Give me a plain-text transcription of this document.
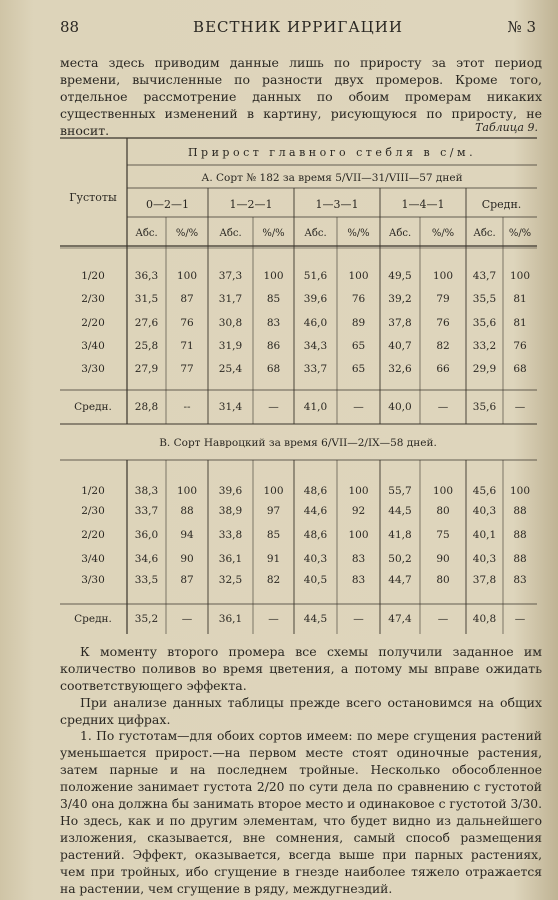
88	ВЕСТНИК ИРРИГАЦИИ	№ 3
места здесь приводим данные лишь по приросту за этот период времени, вычисленные по разности двух промеров. Кроме того, отдельное рассмотрение данных по обоим промерам никаких существенных изменений в картину, рисующуюся по приросту, не вносит.	Таблица 9.
Прирост главного стебля в с/м.
А. Сорт № 182 за время 5/VII—31/VIII—57 дней
Густоты
0—2—1	1—2—1	1—3—1	1—4—1	Средн.
Абс. %/% Абс. %/% Абс. %/% Абс. %/% Абс. %/%
1/20	36,3 100 37,3 100 51,6 100 49,5 100 43,7 100
2/30	31,5 87 31,7 85 39,6 76 39,2 79 35,5 81
2/20	27,6 76 30,8 83 46,0 89 37,8 76 35,6 81
3/40	25,8 71 31,9 86 34,3 65 40,7 82 33,2 76
3/30	27,9 77 25,4 68 33,7 65 32,6 66 29,9 68
Средн. 28,8 --	31,4 — 41,0 — 40,0 — 35,6 —
B. Сорт Навроцкий за время 6/VII—2/IX—58 дней.
1/20	38,3 100 39,6 100 48,6 100 55,7 100 45,6 100
2/30	33,7 88 38,9 97 44,6 92 44,5 80 40,3 88
2/20	36,0 94 33,8 85 48,6 100 41,8 75 40,1 88
3/40	34,6 90 36,1 91 40,3 83 50,2 90 40,3 88
3/30	33,5 87 32,5 82 40,5 83 44,7 80 37,8 83
Средн. 35,2 —	36,1 — 44,5 — 47,4 — 40,8 —
К моменту второго промера все схемы получили заданное им количество поливов во время цветения, а потому мы вправе ожидать соответствующего эффекта.
При анализе данных таблицы прежде всего остановимся на общих средних цифрах.
1. По густотам—для обоих сортов имеем: по мере сгущения растений уменьшается прирост.—на первом месте стоят одиночные растения, затем парные и на последнем тройные. Несколько обособленное положение занимает густота 2/20 по сути дела по сравнению с густотой 3/40 она должна бы занимать второе место и одинаковое с густотой 3/30. Но здесь, как и по другим элементам, что будет видно из дальнейшего изложения, сказывается, вне сомнения, самый способ размещения растений. Эффект, оказывается, всегда выше при парных растениях, чем при тройных, ибо сгущение в гнезде наиболее тяжело отражается на растении, чем сгущение в ряду, междугнездий.
